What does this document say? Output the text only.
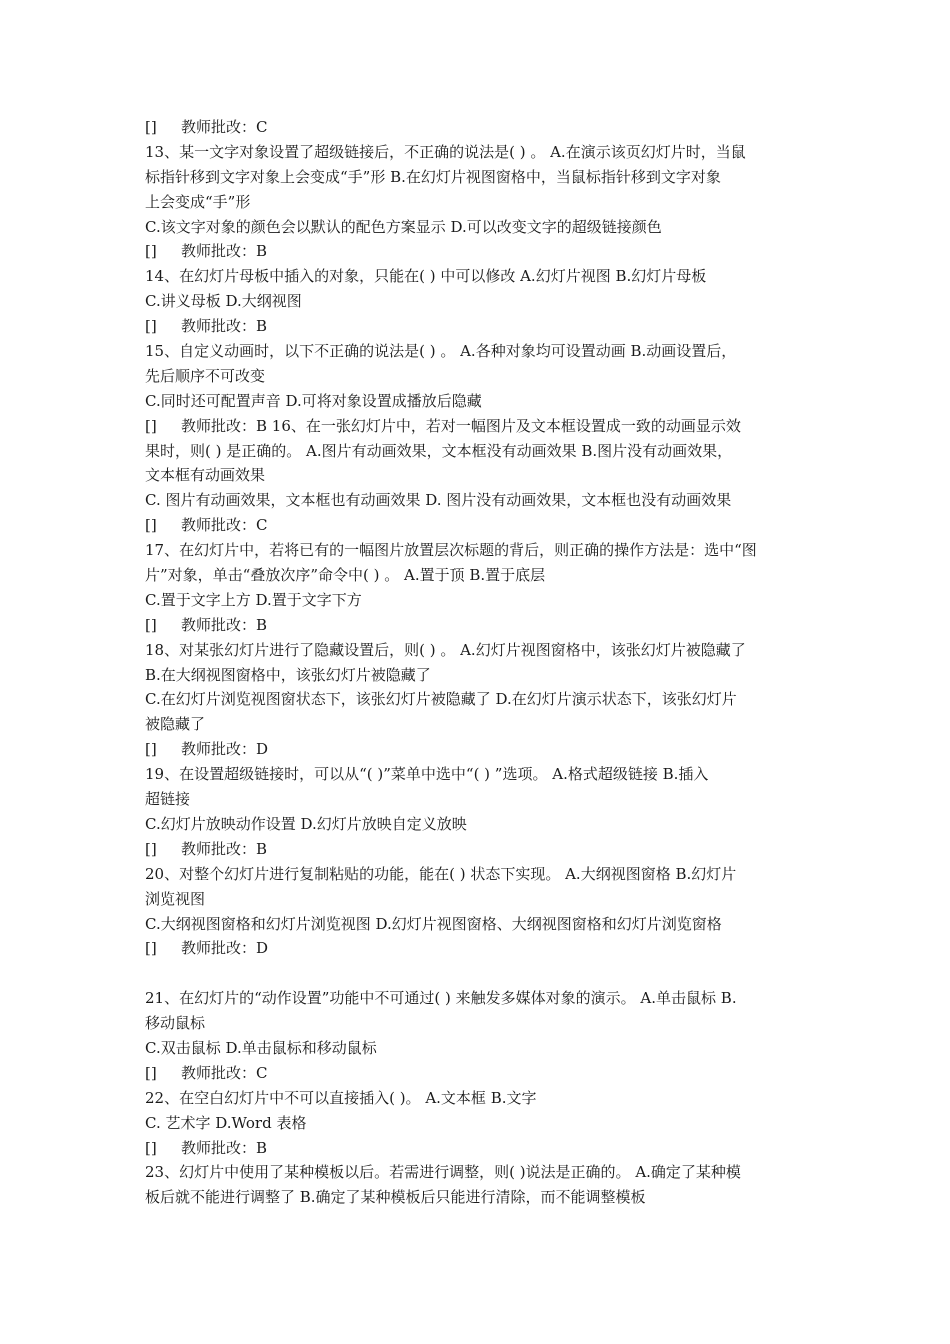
[] 教师批改：C
13、某一文字对象设置了超级链接后，不正确的说法是( ) 。 A.在演示该页幻灯片时，当鼠
标指针移到文字对象上会变成“手”形 B.在幻灯片视图窗格中，当鼠标指针移到文字对象
上会变成“手”形
C.该文字对象的颜色会以默认的配色方案显示 D.可以改变文字的超级链接颜色
[] 教师批改：B
14、在幻灯片母板中插入的对象，只能在( ) 中可以修改 A.幻灯片视图 B.幻灯片母板
C.讲义母板 D.大纲视图
[] 教师批改：B
15、自定义动画时，以下不正确的说法是( ) 。 A.各种对象均可设置动画 B.动画设置后，
先后顺序不可改变
C.同时还可配置声音 D.可将对象设置成播放后隐藏
[] 教师批改：B 16、在一张幻灯片中，若对一幅图片及文本框设置成一致的动画显示效
果时，则( ) 是正确的。 A.图片有动画效果，文本框没有动画效果 B.图片没有动画效果，
文本框有动画效果
C. 图片有动画效果，文本框也有动画效果 D. 图片没有动画效果，文本框也没有动画效果
[] 教师批改：C
17、在幻灯片中，若将已有的一幅图片放置层次标题的背后，则正确的操作方法是：选中“图
片”对象，单击“叠放次序”命令中( ) 。 A.置于顶 B.置于底层
C.置于文字上方 D.置于文字下方
[] 教师批改：B
18、对某张幻灯片进行了隐藏设置后，则( ) 。 A.幻灯片视图窗格中，该张幻灯片被隐藏了
B.在大纲视图窗格中，该张幻灯片被隐藏了
C.在幻灯片浏览视图窗状态下，该张幻灯片被隐藏了 D.在幻灯片演示状态下，该张幻灯片
被隐藏了
[] 教师批改：D
19、在设置超级链接时，可以从“( )”菜单中选中“( ) ”选项。 A.格式超级链接 B.插入
超链接
C.幻灯片放映动作设置 D.幻灯片放映自定义放映
[] 教师批改：B
20、对整个幻灯片进行复制粘贴的功能，能在( ) 状态下实现。 A.大纲视图窗格 B.幻灯片
浏览视图
C.大纲视图窗格和幻灯片浏览视图 D.幻灯片视图窗格、大纲视图窗格和幻灯片浏览窗格
[] 教师批改：D
21、在幻灯片的“动作设置”功能中不可通过( ) 来触发多媒体对象的演示。 A.单击鼠标 B.
移动鼠标
C.双击鼠标 D.单击鼠标和移动鼠标
[] 教师批改：C
22、在空白幻灯片中不可以直接插入( )。 A.文本框 B.文字
C. 艺术字 D.Word 表格
[] 教师批改：B
23、幻灯片中使用了某种模板以后。若需进行调整，则( )说法是正确的。 A.确定了某种模
板后就不能进行调整了 B.确定了某种模板后只能进行清除，而不能调整模板
